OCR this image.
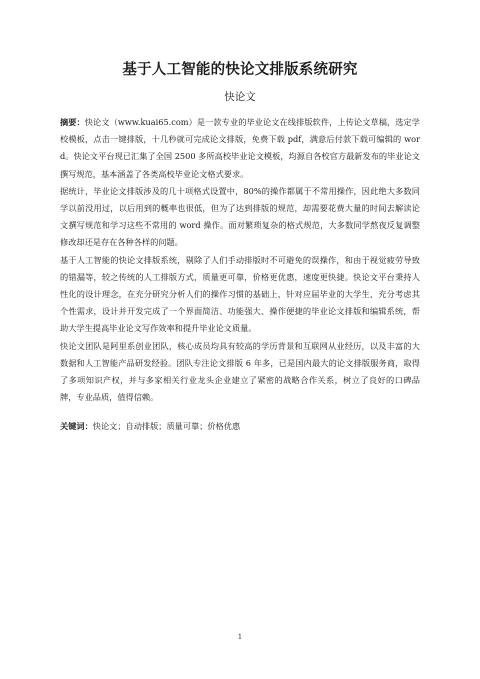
基于人工智能的快论文排版系统研究
快论文

摘要：快论文（www.kuai65.com）是一款专业的毕业论文在线排版软件，上传论文草稿，选定学校模板，点击一键排版，十几秒就可完成论文排版，免费下载 pdf，满意后付款下载可编辑的 word。快论文平台现已汇集了全国 2500 多所高校毕业论文模板，均源自各校官方最新发布的毕业论文撰写规范，基本涵盖了各类高校毕业论文格式要求。

据统计，毕业论文排版涉及的几十项格式设置中，80%的操作都属于不常用操作，因此绝大多数同学以前没用过，以后用到的概率也很低，但为了达到排版的规范，却需要花费大量的时间去解读论文撰写规范和学习这些不常用的 word 操作。面对繁琐复杂的格式规范，大多数同学熬夜反复调整修改却还是存在各种各样的问题。

基于人工智能的快论文排版系统，剔除了人们手动排版时不可避免的误操作，和由于视觉疲劳导致的错漏等，较之传统的人工排版方式，质量更可靠，价格更优惠，速度更快捷。快论文平台秉持人性化的设计理念，在充分研究分析人们的操作习惯的基础上，针对应届毕业的大学生，充分考虑其个性需求，设计并开发完成了一个界面简洁、功能强大、操作便捷的毕业论文排版和编辑系统，帮助大学生提高毕业论文写作效率和提升毕业论文质量。

快论文团队是阿里系创业团队，核心成员均具有较高的学历背景和互联网从业经历，以及丰富的大数据和人工智能产品研发经验。团队专注论文排版 6 年多，已是国内最大的论文排版服务商，取得了多项知识产权，并与多家相关行业龙头企业建立了紧密的战略合作关系，树立了良好的口碑品牌，专业品质，值得信赖。

关键词：快论文；自动排版；质量可靠；价格优惠
1
